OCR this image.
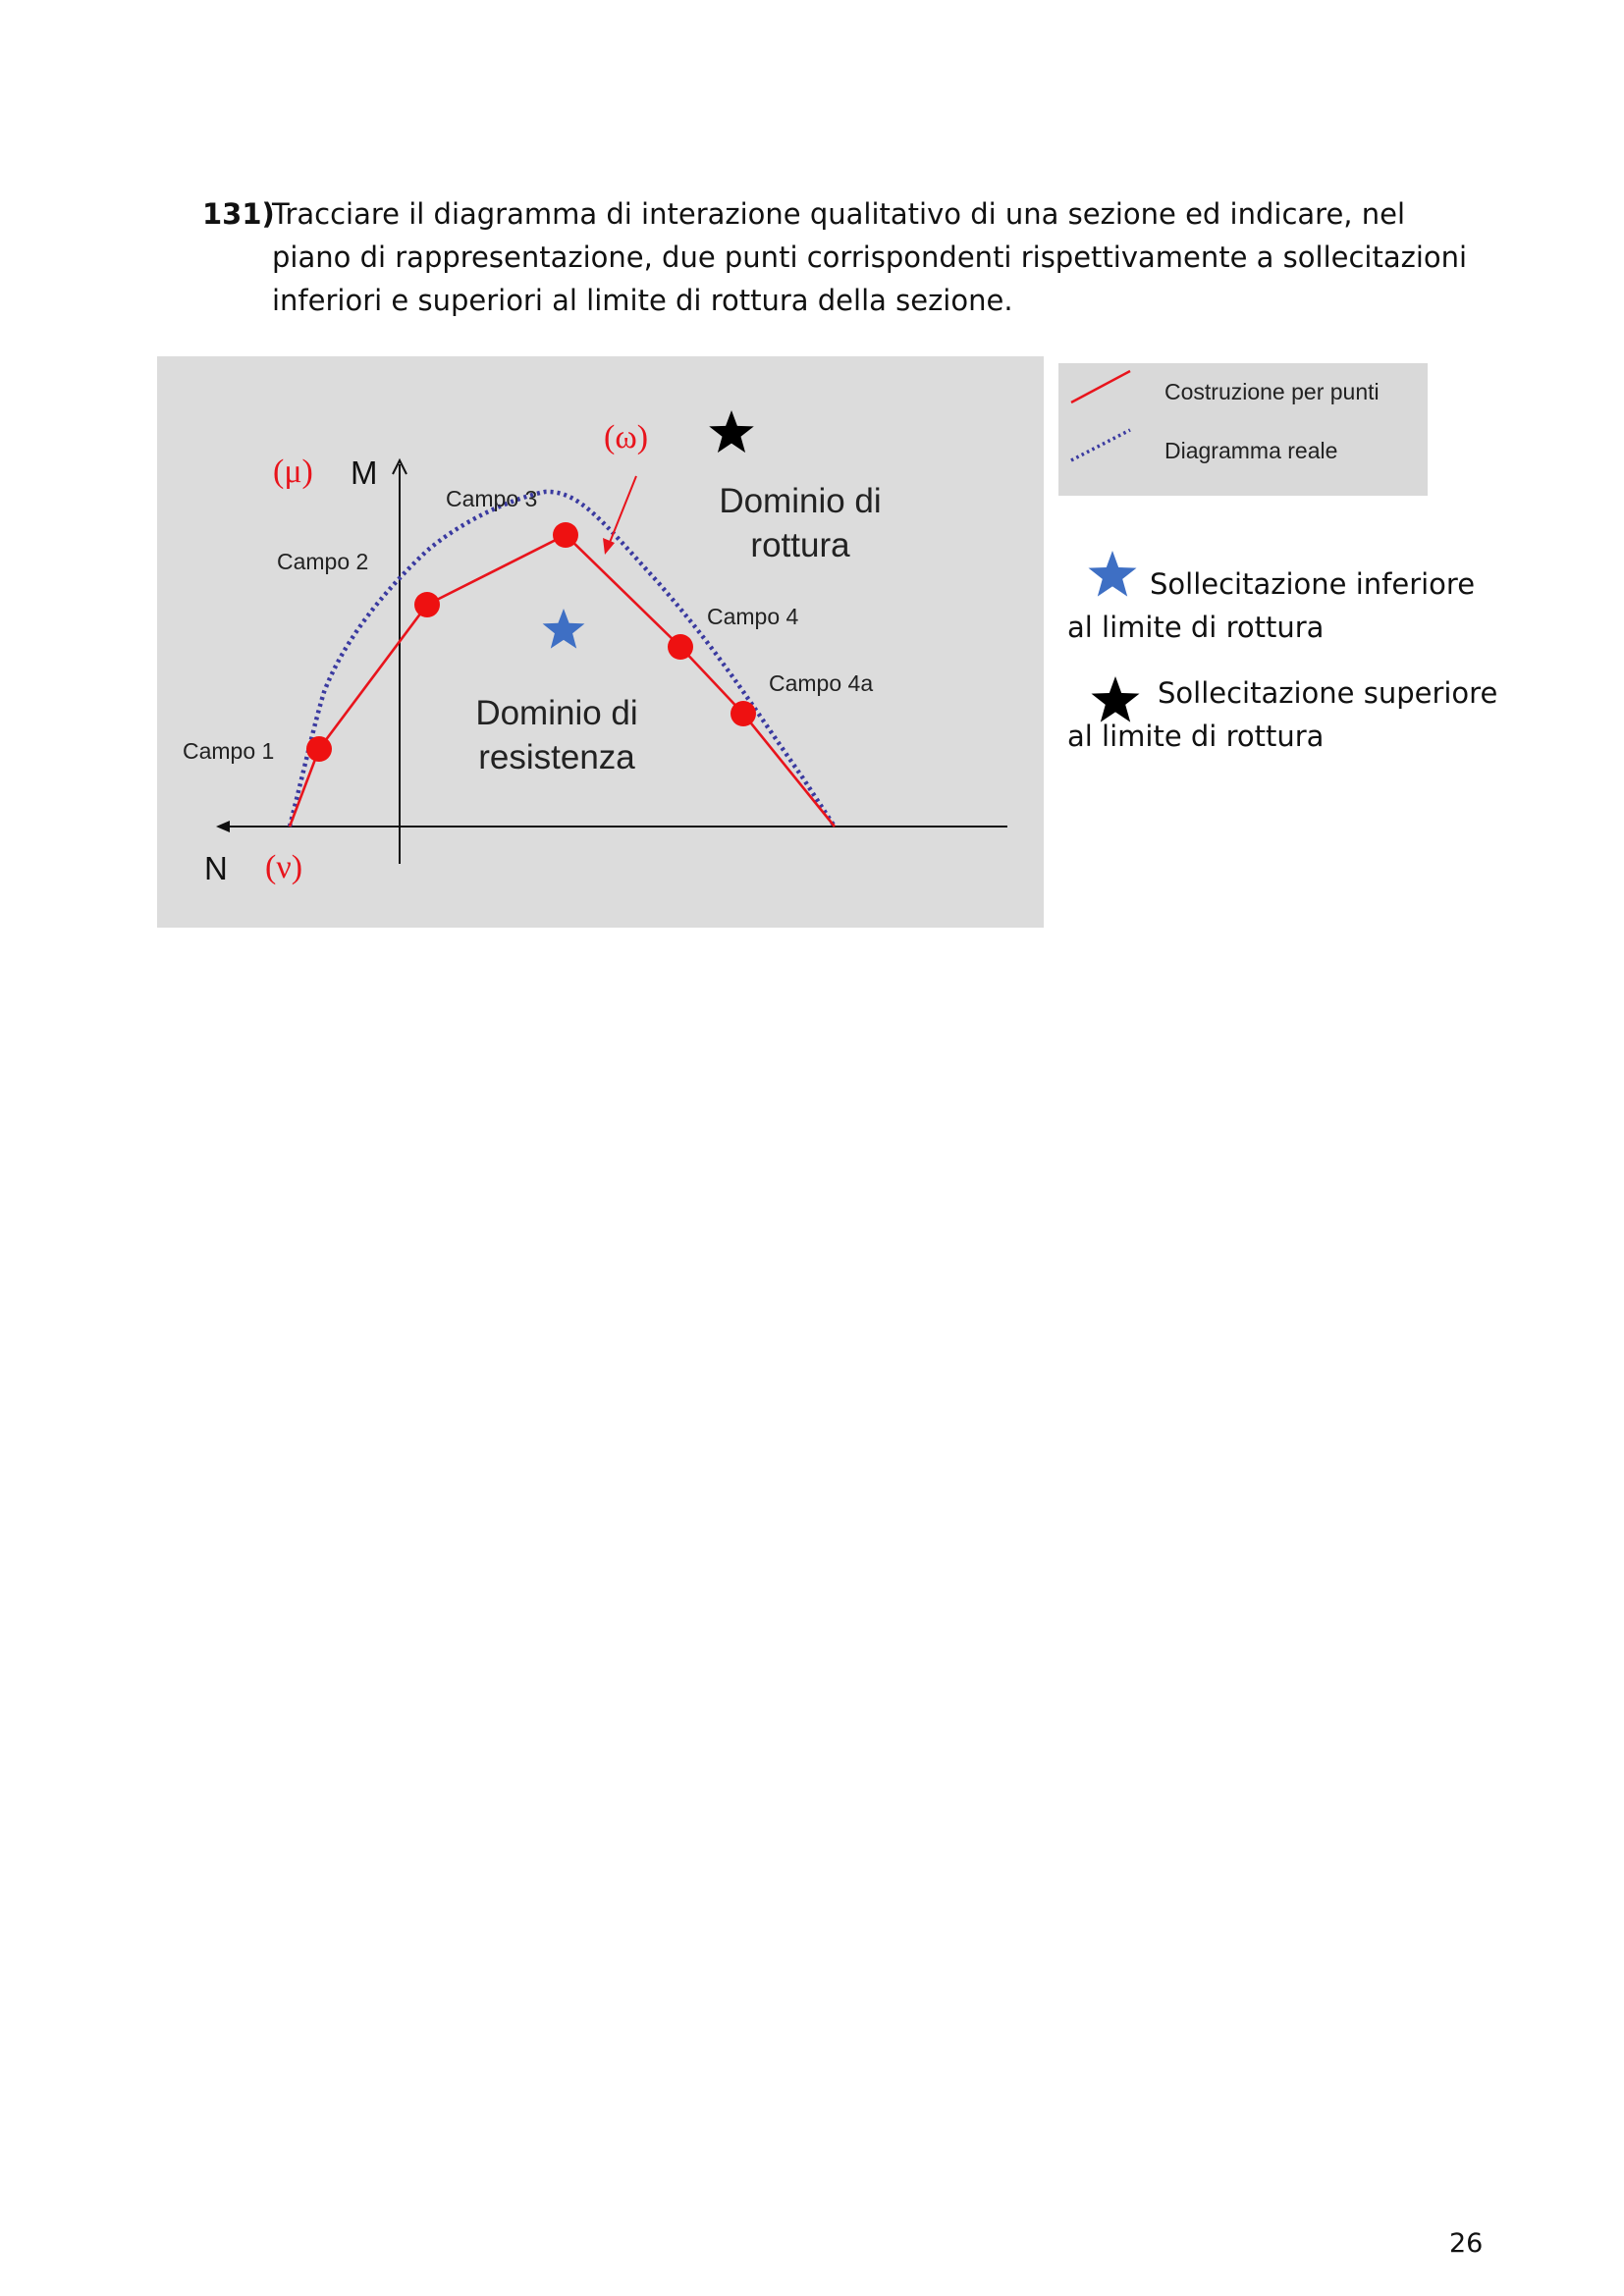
131)
Tracciare il diagramma di interazione qualitativo di una sezione ed indicare, nel piano di rappresentazione, due punti corrispondenti rispettivamente a sollecitazioni inferiori e superiori al limite di rottura della sezione.
M
N
(μ)
(ν)
(ω)
Campo 1
Campo 2
Campo 3
Campo 4
Campo 4a
Dominio di
rottura
Dominio di
resistenza
Costruzione per punti
Diagramma reale
Sollecitazione inferiore
al limite di rottura
Sollecitazione superiore
al limite di rottura
26
